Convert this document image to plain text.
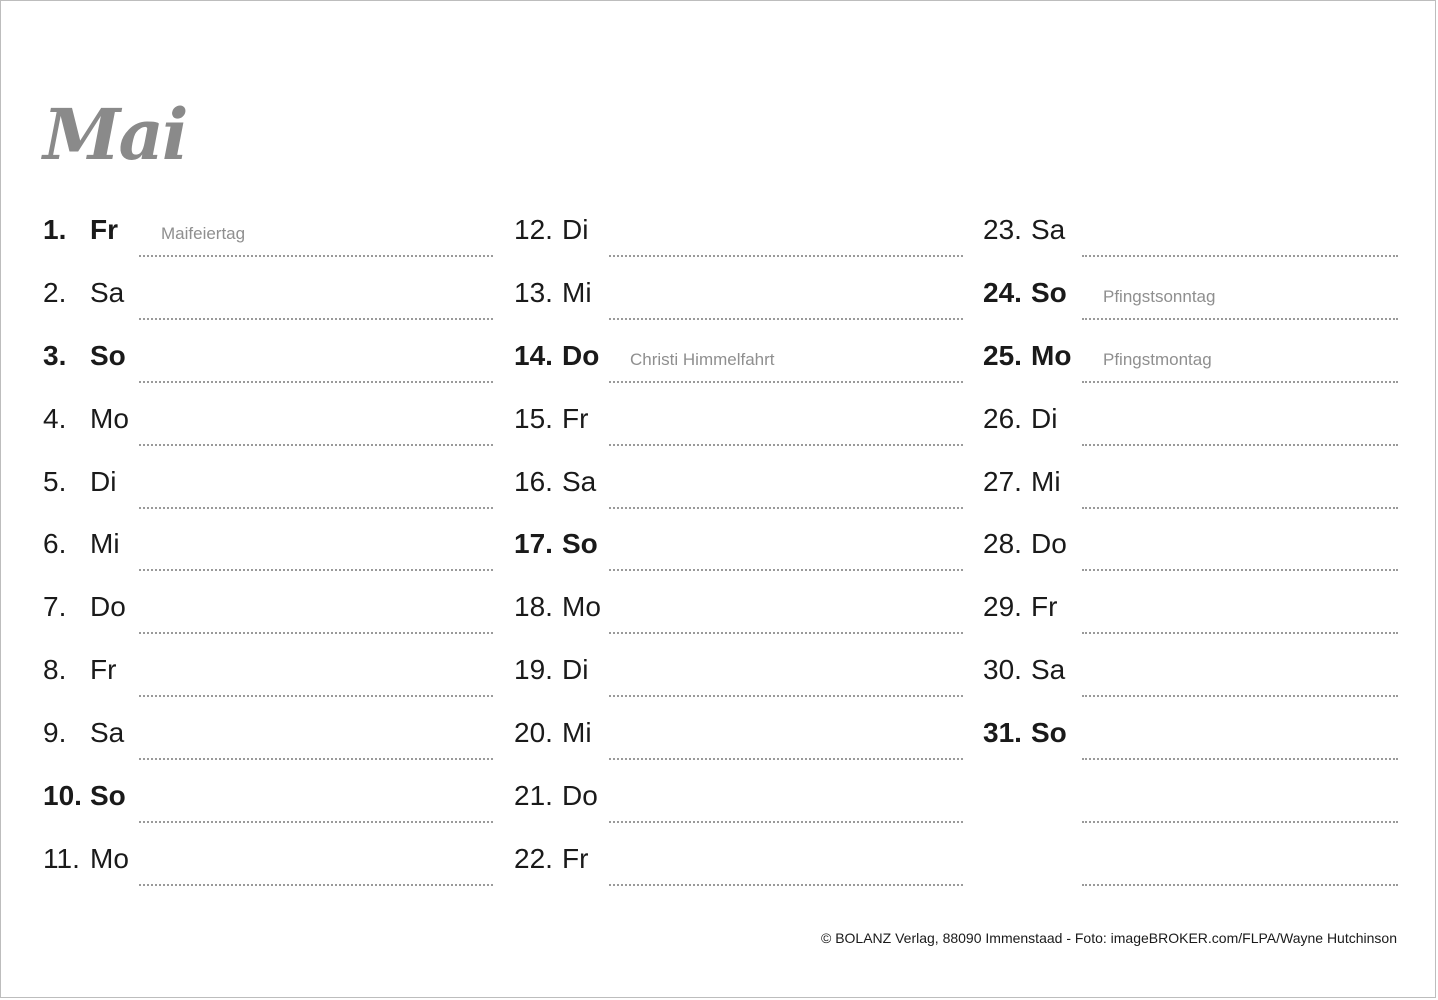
Mai
1. Fr	Maifeiertag
2. Sa
3. So
4. Mo
5. Di
6. Mi
7. Do
8. Fr
9. Sa
10. So
11. Mo
12. Di
13. Mi
14. Do Christi Himmelfahrt
15. Fr
16. Sa
17. So
18. Mo
19. Di
20. Mi
21. Do
22. Fr
23. Sa
24. So Pfingstsonntag
25. Mo Pfingstmontag
26. Di
27. Mi
28. Do
29. Fr
30. Sa
31. So
© BOLANZ Verlag, 88090 Immenstaad - Foto: imageBROKER.com/FLPA/Wayne Hutchinson
